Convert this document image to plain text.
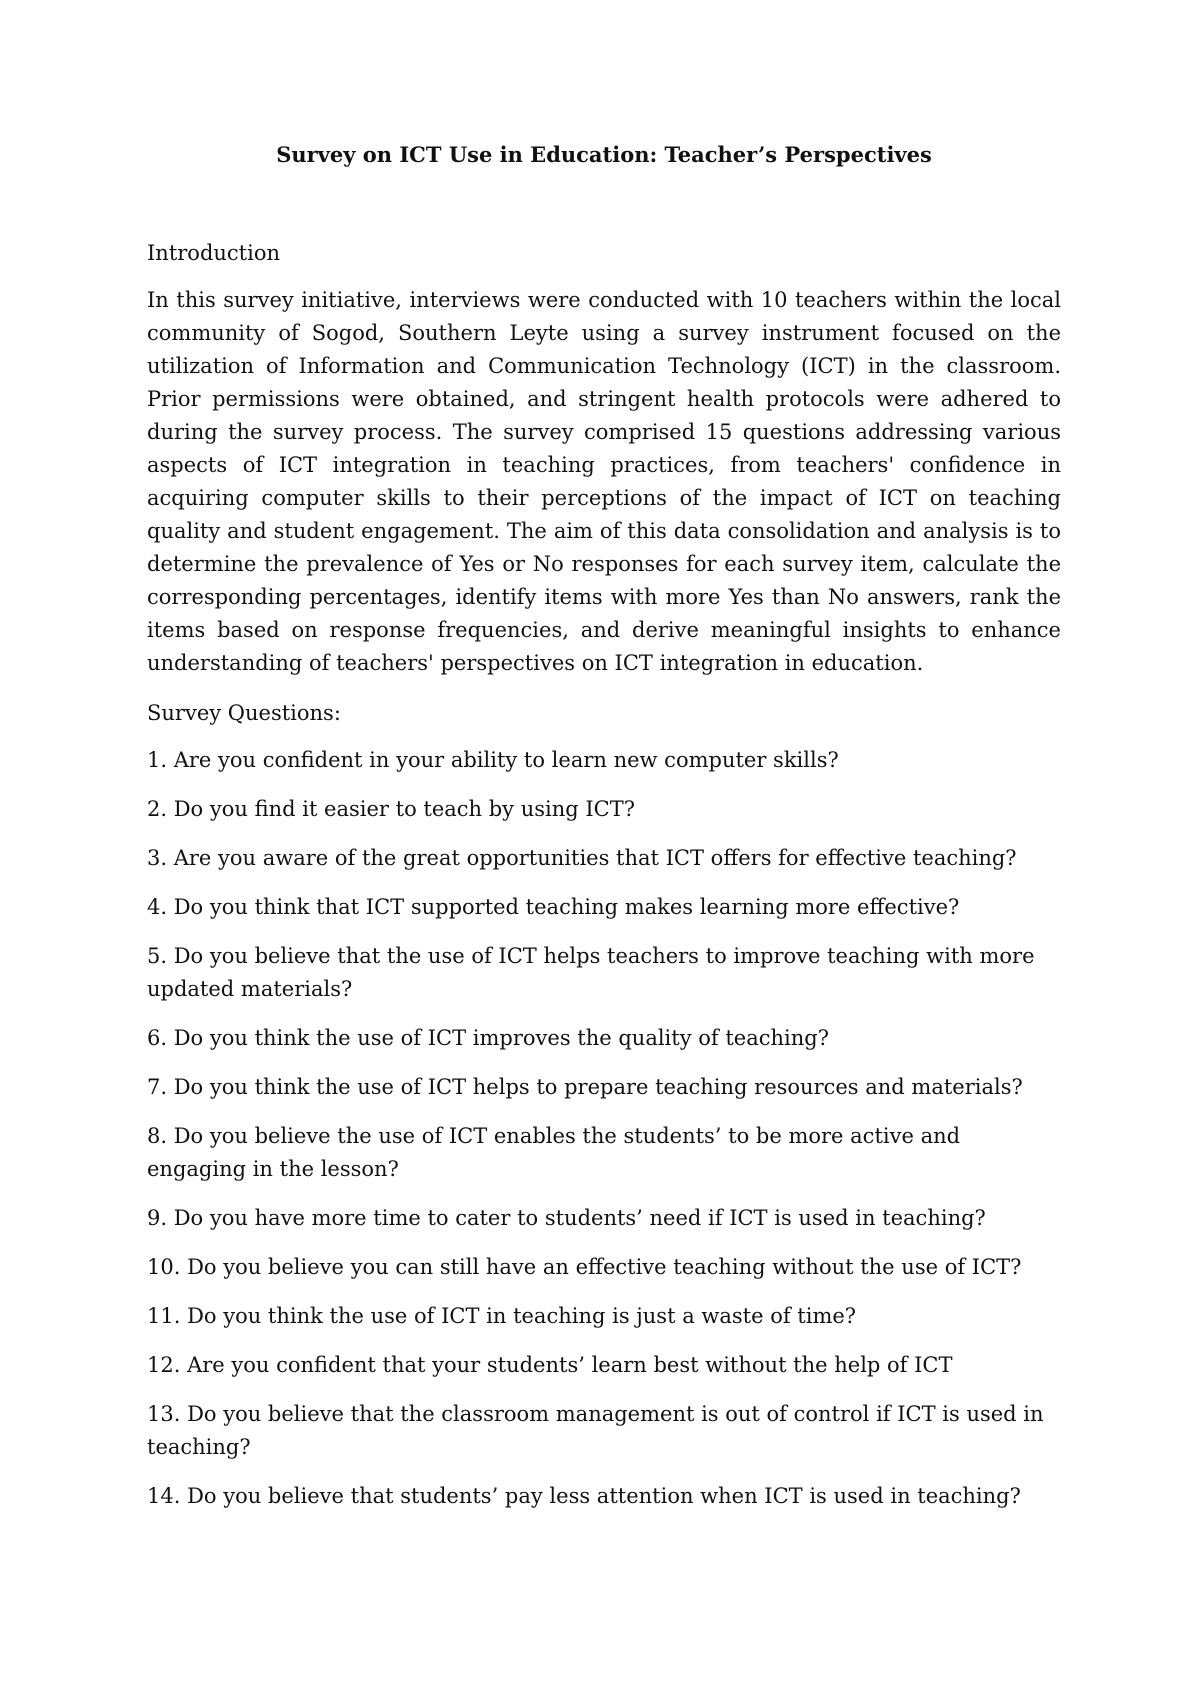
Survey on ICT Use in Education: Teacher’s Perspectives

Introduction

In this survey initiative, interviews were conducted with 10 teachers within the local community of Sogod, Southern Leyte using a survey instrument focused on the utilization of Information and Communication Technology (ICT) in the classroom. Prior permissions were obtained, and stringent health protocols were adhered to during the survey process. The survey comprised 15 questions addressing various aspects of ICT integration in teaching practices, from teachers' confidence in acquiring computer skills to their perceptions of the impact of ICT on teaching quality and student engagement. The aim of this data consolidation and analysis is to determine the prevalence of Yes or No responses for each survey item, calculate the corresponding percentages, identify items with more Yes than No answers, rank the items based on response frequencies, and derive meaningful insights to enhance understanding of teachers' perspectives on ICT integration in education.

Survey Questions:

1. Are you confident in your ability to learn new computer skills?
2. Do you find it easier to teach by using ICT?
3. Are you aware of the great opportunities that ICT offers for effective teaching?
4. Do you think that ICT supported teaching makes learning more effective?
5. Do you believe that the use of ICT helps teachers to improve teaching with more updated materials?
6. Do you think the use of ICT improves the quality of teaching?
7. Do you think the use of ICT helps to prepare teaching resources and materials?
8. Do you believe the use of ICT enables the students’ to be more active and engaging in the lesson?
9. Do you have more time to cater to students’ need if ICT is used in teaching?
10. Do you believe you can still have an effective teaching without the use of ICT?
11. Do you think the use of ICT in teaching is just a waste of time?
12. Are you confident that your students’ learn best without the help of ICT
13. Do you believe that the classroom management is out of control if ICT is used in teaching?
14. Do you believe that students’ pay less attention when ICT is used in teaching?
